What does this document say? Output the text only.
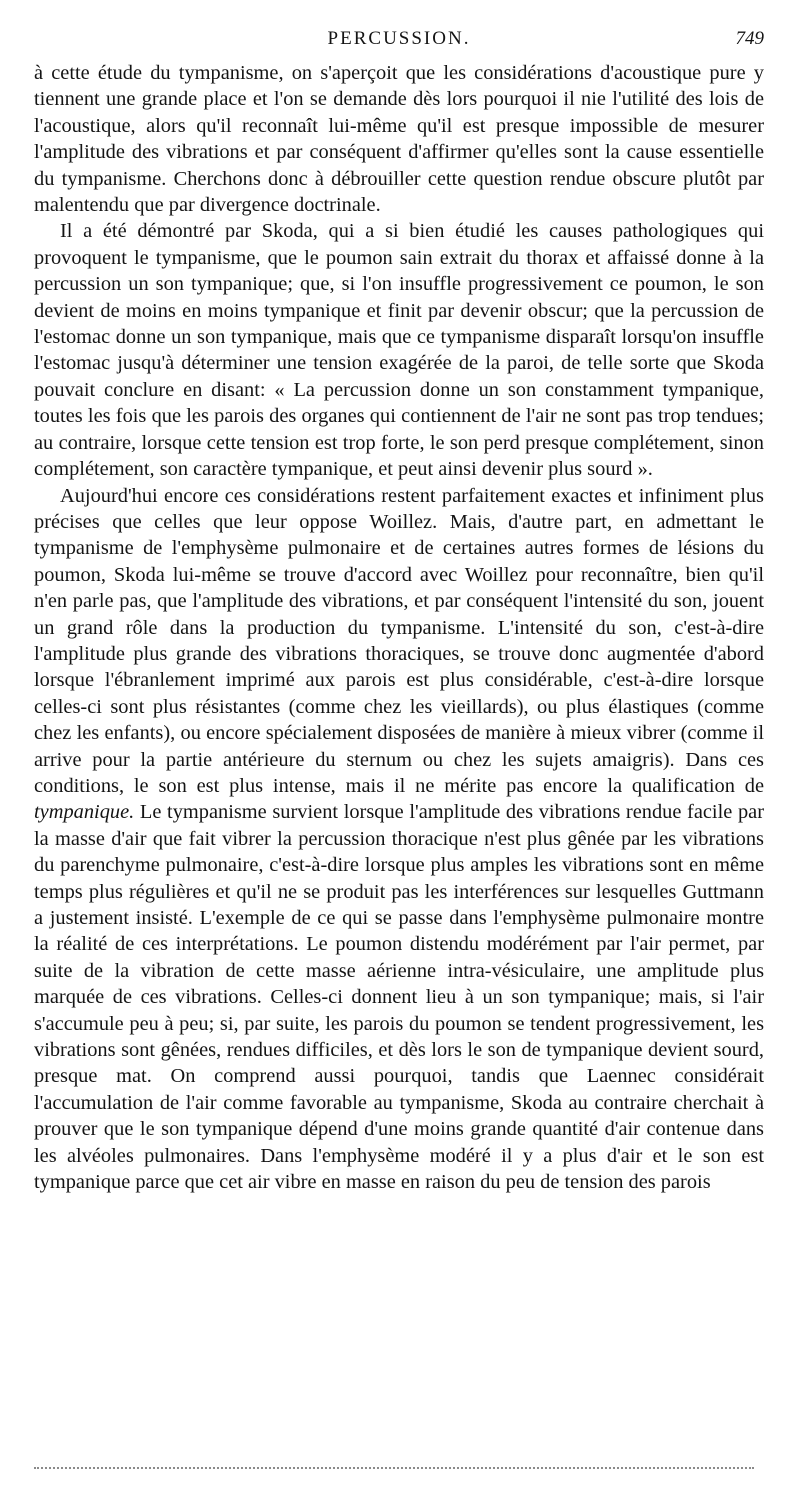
PERCUSSION.	749

à cette étude du tympanisme, on s'aperçoit que les considérations d'acoustique pure y tiennent une grande place et l'on se demande dès lors pourquoi il nie l'utilité des lois de l'acoustique, alors qu'il reconnaît lui-même qu'il est presque impossible de mesurer l'amplitude des vibrations et par conséquent d'affirmer qu'elles sont la cause essentielle du tympanisme. Cherchons donc à débrouiller cette question rendue obscure plutôt par malentendu que par divergence doctrinale.

Il a été démontré par Skoda, qui a si bien étudié les causes pathologiques qui provoquent le tympanisme, que le poumon sain extrait du thorax et affaissé donne à la percussion un son tympanique; que, si l'on insuffle progressivement ce poumon, le son devient de moins en moins tympanique et finit par devenir obscur; que la percussion de l'estomac donne un son tympanique, mais que ce tympanisme disparaît lorsqu'on insuffle l'estomac jusqu'à déterminer une tension exagérée de la paroi, de telle sorte que Skoda pouvait conclure en disant: « La percussion donne un son constamment tympanique, toutes les fois que les parois des organes qui contiennent de l'air ne sont pas trop tendues; au contraire, lorsque cette tension est trop forte, le son perd presque complétement, sinon complétement, son caractère tympanique, et peut ainsi devenir plus sourd ».

Aujourd'hui encore ces considérations restent parfaitement exactes et infiniment plus précises que celles que leur oppose Woillez. Mais, d'autre part, en admettant le tympanisme de l'emphysème pulmonaire et de certaines autres formes de lésions du poumon, Skoda lui-même se trouve d'accord avec Woillez pour reconnaître, bien qu'il n'en parle pas, que l'amplitude des vibrations, et par conséquent l'intensité du son, jouent un grand rôle dans la production du tympanisme. L'intensité du son, c'est-à-dire l'amplitude plus grande des vibrations thoraciques, se trouve donc augmentée d'abord lorsque l'ébranlement imprimé aux parois est plus considérable, c'est-à-dire lorsque celles-ci sont plus résistantes (comme chez les vieillards), ou plus élastiques (comme chez les enfants), ou encore spécialement disposées de manière à mieux vibrer (comme il arrive pour la partie antérieure du sternum ou chez les sujets amaigris). Dans ces conditions, le son est plus intense, mais il ne mérite pas encore la qualification de tympanique. Le tympanisme survient lorsque l'amplitude des vibrations rendue facile par la masse d'air que fait vibrer la percussion thoracique n'est plus gênée par les vibrations du parenchyme pulmonaire, c'est-à-dire lorsque plus amples les vibrations sont en même temps plus régulières et qu'il ne se produit pas les interférences sur lesquelles Guttmann a justement insisté. L'exemple de ce qui se passe dans l'emphysème pulmonaire montre la réalité de ces interprétations. Le poumon distendu modérément par l'air permet, par suite de la vibration de cette masse aérienne intra-vésiculaire, une amplitude plus marquée de ces vibrations. Celles-ci donnent lieu à un son tympanique; mais, si l'air s'accumule peu à peu; si, par suite, les parois du poumon se tendent progressivement, les vibrations sont gênées, rendues difficiles, et dès lors le son de tympanique devient sourd, presque mat. On comprend aussi pourquoi, tandis que Laennec considérait l'accumulation de l'air comme favorable au tympanisme, Skoda au contraire cherchait à prouver que le son tympanique dépend d'une moins grande quantité d'air contenue dans les alvéoles pulmonaires. Dans l'emphysème modéré il y a plus d'air et le son est tympanique parce que cet air vibre en masse en raison du peu de tension des parois
